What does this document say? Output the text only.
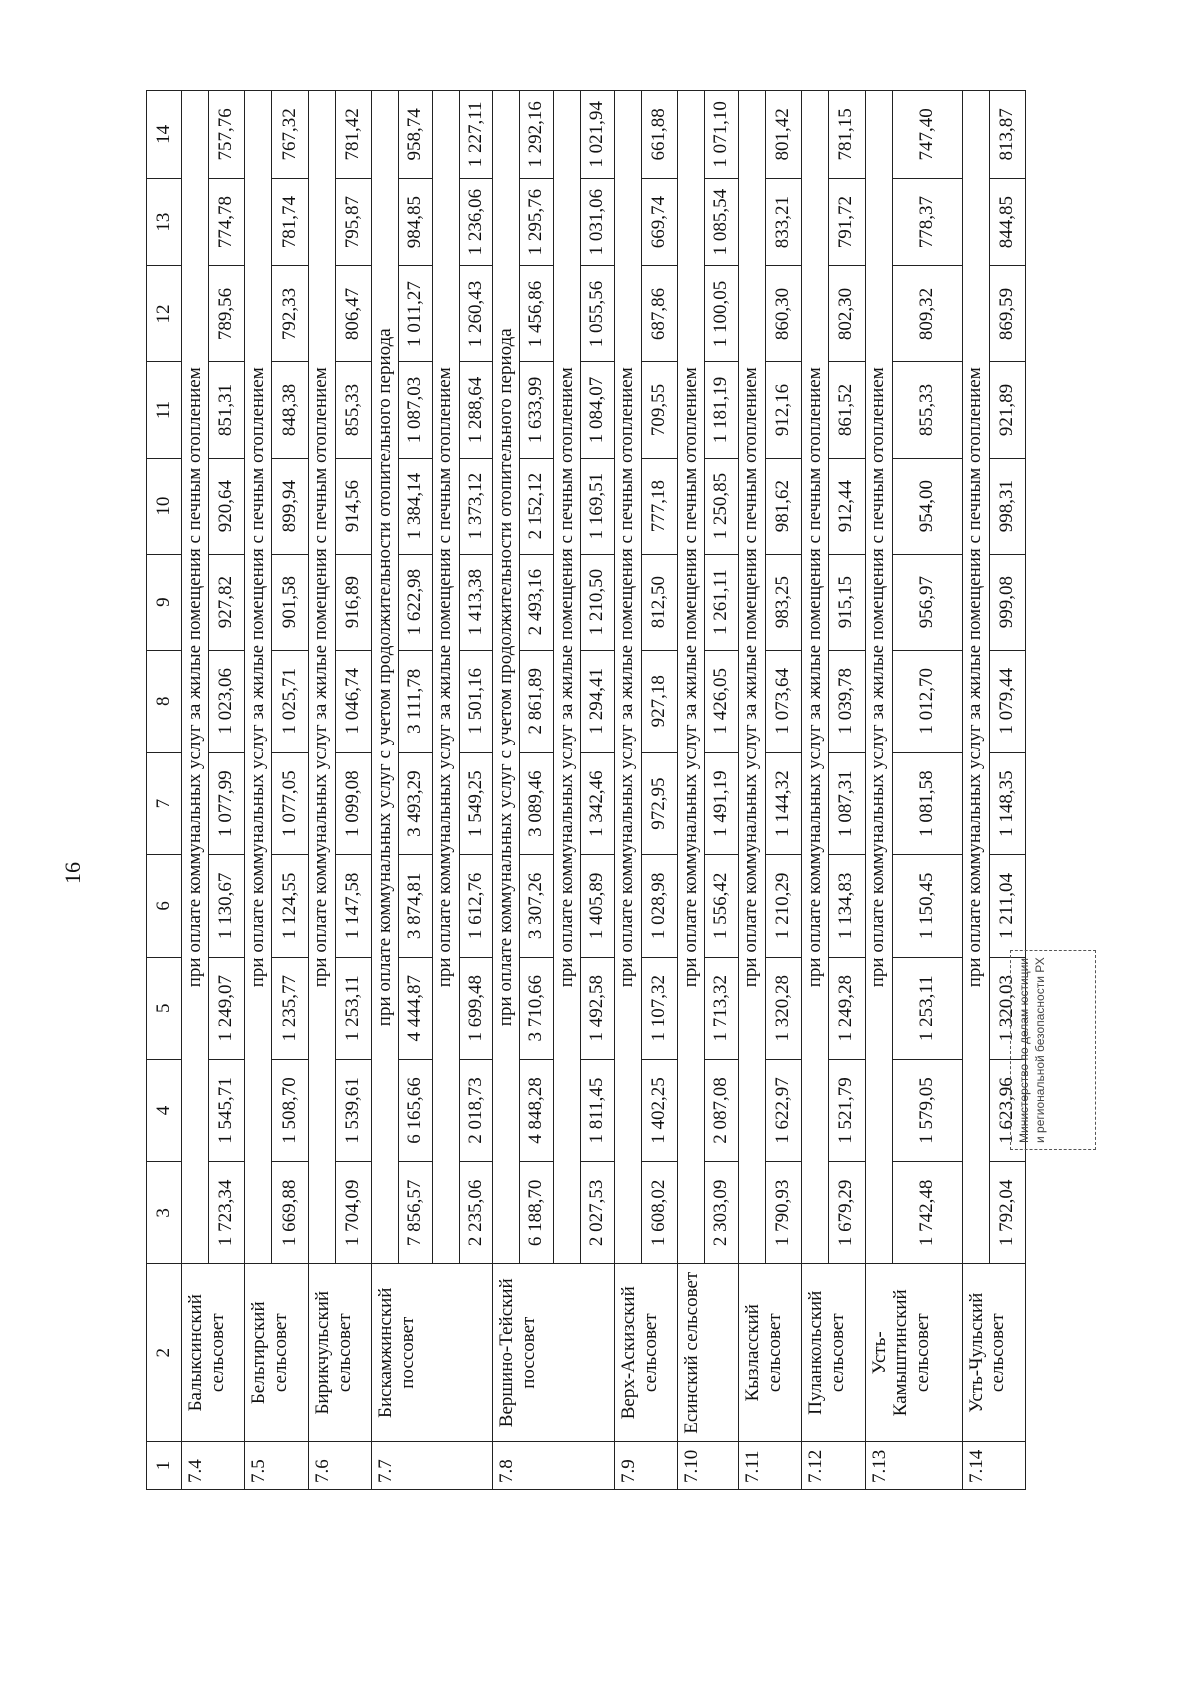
16
1	2	3	4	5	6	7	8	9	10	11	12	13	14
7.4	Балыксинский сельсовет	при оплате коммунальных услуг за жилые помещения с печным отоплением											
		1 723,34	1 545,71	1 249,07	1 130,67	1 077,99	1 023,06	927,82	920,64	851,31	789,56	774,78	757,76
7.5	Бельтирский сельсовет	при оплате коммунальных услуг за жилые помещения с печным отоплением											
		1 669,88	1 508,70	1 235,77	1 124,55	1 077,05	1 025,71	901,58	899,94	848,38	792,33	781,74	767,32
7.6	Бирикчульский сельсовет	при оплате коммунальных услуг за жилые помещения с печным отоплением											
		1 704,09	1 539,61	1 253,11	1 147,58	1 099,08	1 046,74	916,89	914,56	855,33	806,47	795,87	781,42
7.7	Бискамжинский поссовет	при оплате коммунальных услуг с учетом продолжительности отопительного периода											
		7 856,57	6 165,66	4 444,87	3 874,81	3 493,29	3 111,78	1 622,98	1 384,14	1 087,03	1 011,27	984,85	958,74
		при оплате коммунальных услуг за жилые помещения с печным отоплением											
		2 235,06	2 018,73	1 699,48	1 612,76	1 549,25	1 501,16	1 413,38	1 373,12	1 288,64	1 260,43	1 236,06	1 227,11
7.8	Вершино-Тейский поссовет	при оплате коммунальных услуг с учетом продолжительности отопительного периода											
		6 188,70	4 848,28	3 710,66	3 307,26	3 089,46	2 861,89	2 493,16	2 152,12	1 633,99	1 456,86	1 295,76	1 292,16
		при оплате коммунальных услуг за жилые помещения с печным отоплением											
		2 027,53	1 811,45	1 492,58	1 405,89	1 342,46	1 294,41	1 210,50	1 169,51	1 084,07	1 055,56	1 031,06	1 021,94
7.9	Верх-Аскизский сельсовет	при оплате коммунальных услуг за жилые помещения с печным отоплением											
		1 608,02	1 402,25	1 107,32	1 028,98	972,95	927,18	812,50	777,18	709,55	687,86	669,74	661,88
7.10	Есинский сельсовет	при оплате коммунальных услуг за жилые помещения с печным отоплением											
		2 303,09	2 087,08	1 713,32	1 556,42	1 491,19	1 426,05	1 261,11	1 250,85	1 181,19	1 100,05	1 085,54	1 071,10
7.11	Кызласский сельсовет	при оплате коммунальных услуг за жилые помещения с печным отоплением											
		1 790,93	1 622,97	1 320,28	1 210,29	1 144,32	1 073,64	983,25	981,62	912,16	860,30	833,21	801,42
7.12	Пуланкольский сельсовет	при оплате коммунальных услуг за жилые помещения с печным отоплением											
		1 679,29	1 521,79	1 249,28	1 134,83	1 087,31	1 039,78	915,15	912,44	861,52	802,30	791,72	781,15
7.13	Усть-Камыштинский сельсовет	при оплате коммунальных услуг за жилые помещения с печным отоплением											
		1 742,48	1 579,05	1 253,11	1 150,45	1 081,58	1 012,70	956,97	954,00	855,33	809,32	778,37	747,40
7.14	Усть-Чульский сельсовет	при оплате коммунальных услуг за жилые помещения с печным отоплением											
		1 792,04	1 623,96	1 320,03	1 211,04	1 148,35	1 079,44	999,08	998,31	921,89	869,59	844,85	813,87
Министерство по делам юстиции и региональной безопасности РХ
